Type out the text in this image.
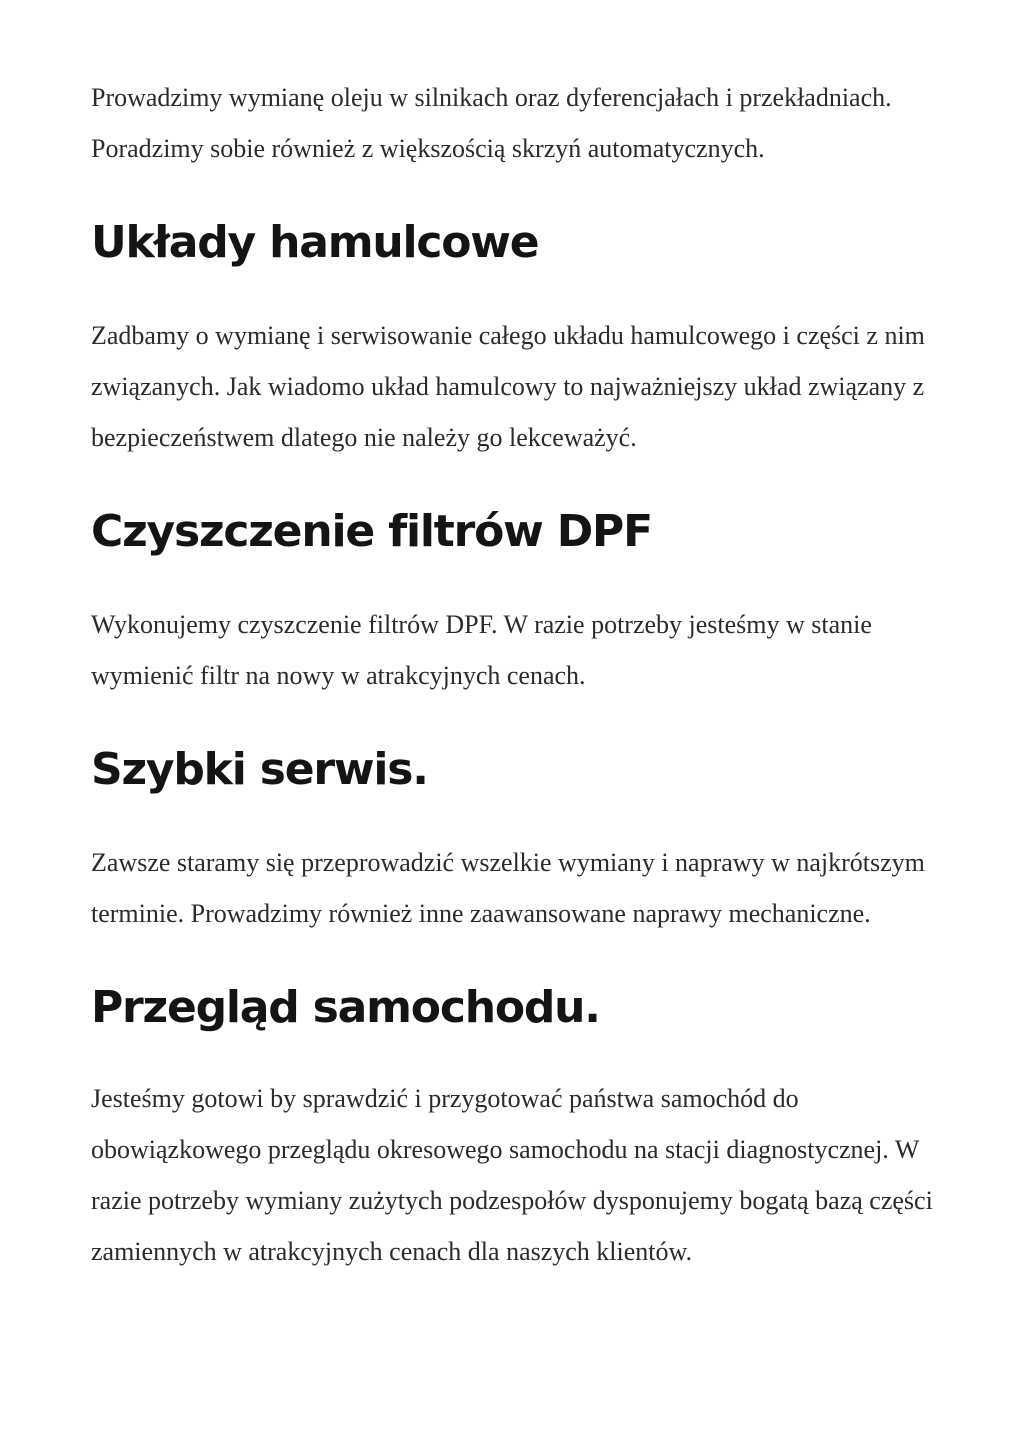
Prowadzimy wymianę oleju w silnikach oraz dyferencjałach i przekładniach. Poradzimy sobie również z większością skrzyń automatycznych.

Układy hamulcowe

Zadbamy o wymianę i serwisowanie całego układu hamulcowego i części z nim związanych. Jak wiadomo układ hamulcowy to najważniejszy układ związany z bezpieczeństwem dlatego nie należy go lekceważyć.

Czyszczenie filtrów DPF

Wykonujemy czyszczenie filtrów DPF. W razie potrzeby jesteśmy w stanie wymienić filtr na nowy w atrakcyjnych cenach.

Szybki serwis.

Zawsze staramy się przeprowadzić wszelkie wymiany i naprawy w najkrótszym terminie. Prowadzimy również inne zaawansowane naprawy mechaniczne.

Przegląd samochodu.

Jesteśmy gotowi by sprawdzić i przygotować państwa samochód do obowiązkowego przeglądu okresowego samochodu na stacji diagnostycznej. W razie potrzeby wymiany zużytych podzespołów dysponujemy bogatą bazą części zamiennych w atrakcyjnych cenach dla naszych klientów.
